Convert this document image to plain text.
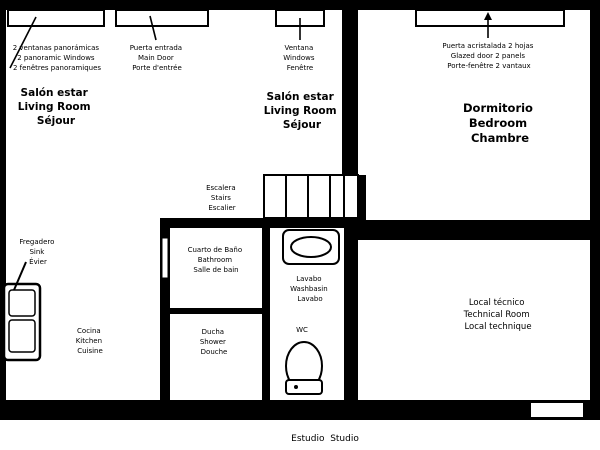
2 ventanas panorámicas 2 panoramic Windows 2 fenêtres panoramiques
Puerta entrada Main Door Porte d'entrée
Ventana Windows Fenêtre
Puerta acristalada 2 hojas Glazed door 2 panels Porte-fenêtre 2 vantaux
Salón estar Living Room Séjour
Salón estar Living Room Séjour
Dormitorio Bedroom Chambre
Escalera Stairs Escalier
Fregadero Sink Évier
Cuarto de Baño Bathroom Salle de bain
Lavabo Washbasin Lavabo
WC
Ducha Shower Douche
Cocina Kitchen Cuisine
Local técnico Technical Room Local technique
Estudio  Studio
